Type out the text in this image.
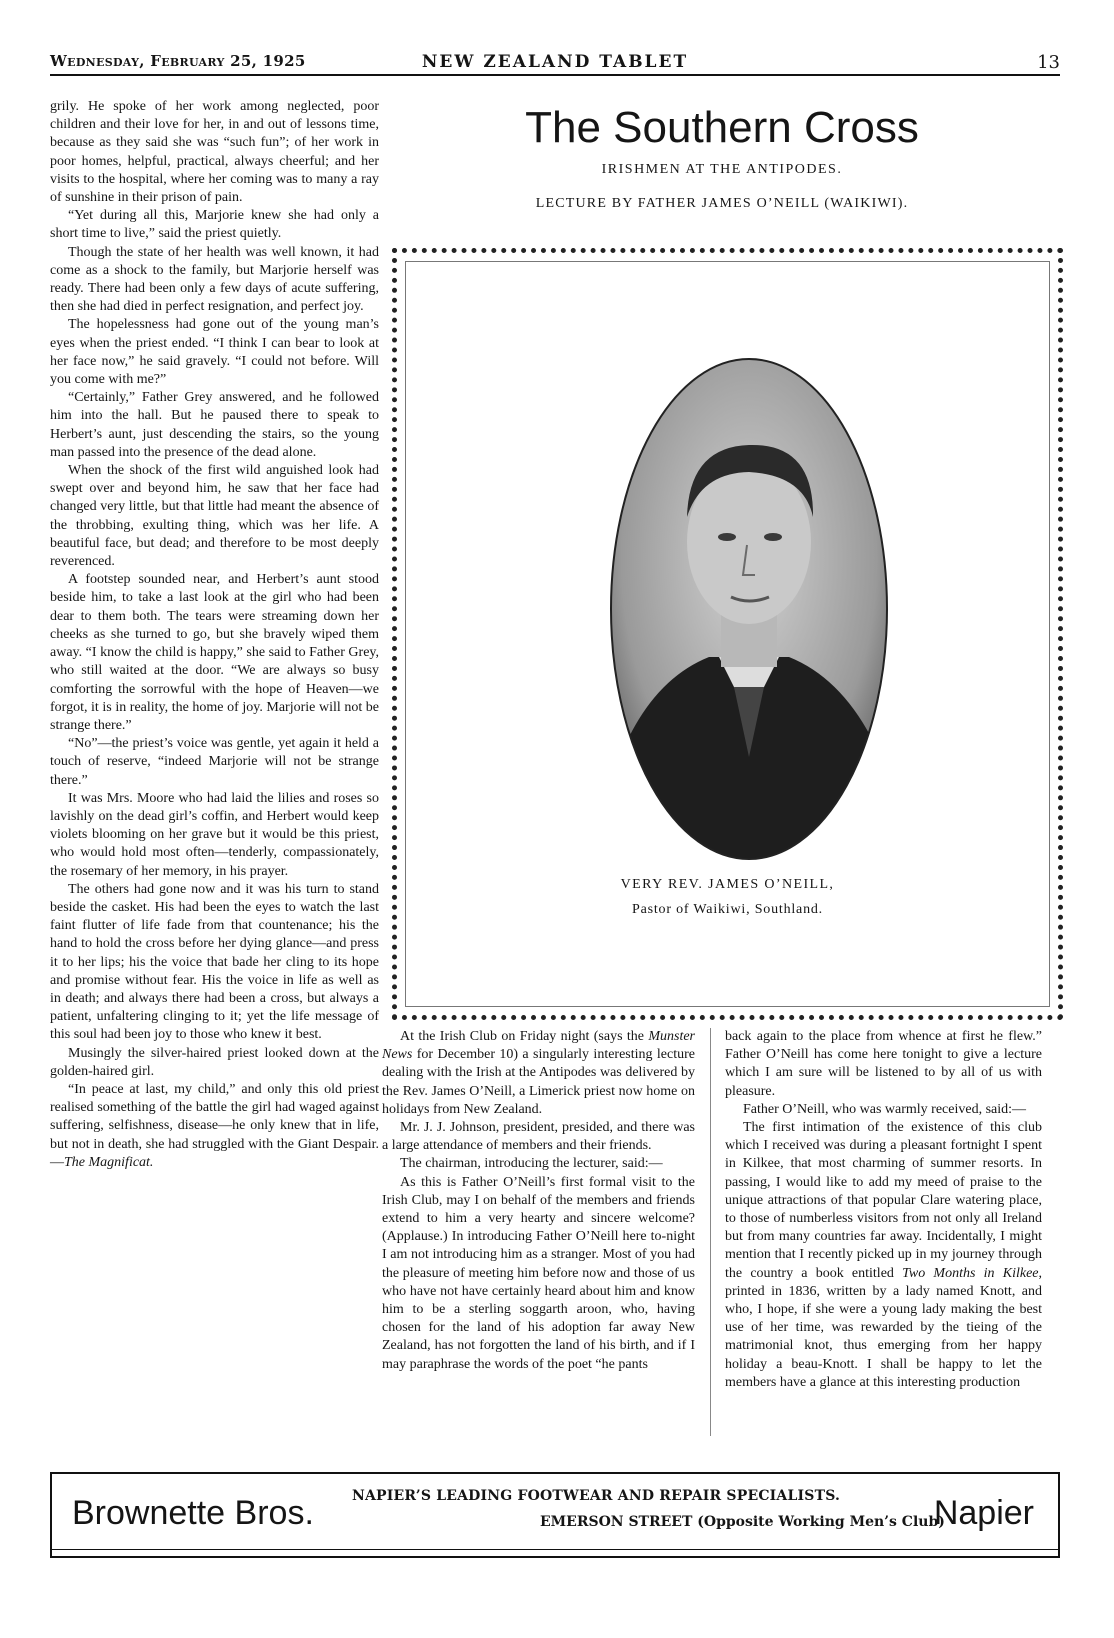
Wednesday, February 25, 1925	NEW ZEALAND TABLET	13

grily. He spoke of her work among neglected, poor children and their love for her, in and out of lessons time, because as they said she was “such fun”; of her work in poor homes, helpful, practical, always cheerful; and her visits to the hospital, where her coming was to many a ray of sunshine in their prison of pain.

“Yet during all this, Marjorie knew she had only a short time to live,” said the priest quietly.

Though the state of her health was well known, it had come as a shock to the family, but Marjorie herself was ready. There had been only a few days of acute suffering, then she had died in perfect resignation, and perfect joy.

The hopelessness had gone out of the young man’s eyes when the priest ended. “I think I can bear to look at her face now,” he said gravely. “I could not before. Will you come with me?”

“Certainly,” Father Grey answered, and he followed him into the hall. But he paused there to speak to Herbert’s aunt, just descending the stairs, so the young man passed into the presence of the dead alone.

When the shock of the first wild anguished look had swept over and beyond him, he saw that her face had changed very little, but that little had meant the absence of the throbbing, exulting thing, which was her life. A beautiful face, but dead; and therefore to be most deeply reverenced.

A footstep sounded near, and Herbert’s aunt stood beside him, to take a last look at the girl who had been dear to them both. The tears were streaming down her cheeks as she turned to go, but she bravely wiped them away. “I know the child is happy,” she said to Father Grey, who still waited at the door. “We are always so busy comforting the sorrowful with the hope of Heaven—we forgot, it is in reality, the home of joy. Marjorie will not be strange there.”

“No”—the priest’s voice was gentle, yet again it held a touch of reserve, “indeed Marjorie will not be strange there.”

It was Mrs. Moore who had laid the lilies and roses so lavishly on the dead girl’s coffin, and Herbert would keep violets blooming on her grave but it would be this priest, who would hold most often—tenderly, compassionately, the rosemary of her memory, in his prayer.

The others had gone now and it was his turn to stand beside the casket. His had been the eyes to watch the last faint flutter of life fade from that countenance; his the hand to hold the cross before her dying glance—and press it to her lips; his the voice that bade her cling to its hope and promise without fear. His the voice in life as well as in death; and always there had been a cross, but always a patient, unfaltering clinging to it; yet the life message of this soul had been joy to those who knew it best.

Musingly the silver-haired priest looked down at the golden-haired girl.

“In peace at last, my child,” and only this old priest realised something of the battle the girl had waged against suffering, selfishness, disease—he only knew that in life, but not in death, she had struggled with the Giant Despair.—The Magnificat.

The Southern Cross
IRISHMEN AT THE ANTIPODES.
LECTURE BY FATHER JAMES O’NEILL (WAIKIWI).
VERY REV. JAMES O’NEILL,
Pastor of Waikiwi, Southland.

At the Irish Club on Friday night (says the Munster News for December 10) a singularly interesting lecture dealing with the Irish at the Antipodes was delivered by the Rev. James O’Neill, a Limerick priest now home on holidays from New Zealand.

Mr. J. J. Johnson, president, presided, and there was a large attendance of members and their friends.

The chairman, introducing the lecturer, said:—

As this is Father O’Neill’s first formal visit to the Irish Club, may I on behalf of the members and friends extend to him a very hearty and sincere welcome? (Applause.) In introducing Father O’Neill here to-night I am not introducing him as a stranger. Most of you had the pleasure of meeting him before now and those of us who have not have certainly heard about him and know him to be a sterling soggarth aroon, who, having chosen for the land of his adoption far away New Zealand, has not forgotten the land of his birth, and if I may paraphrase the words of the poet “he pants

back again to the place from whence at first he flew.” Father O’Neill has come here tonight to give a lecture which I am sure will be listened to by all of us with pleasure.

Father O’Neill, who was warmly received, said:—

The first intimation of the existence of this club which I received was during a pleasant fortnight I spent in Kilkee, that most charming of summer resorts. In passing, I would like to add my meed of praise to the unique attractions of that popular Clare watering place, to those of numberless visitors from not only all Ireland but from many countries far away. Incidentally, I might mention that I recently picked up in my journey through the country a book entitled Two Months in Kilkee, printed in 1836, written by a lady named Knott, and who, I hope, if she were a young lady making the best use of her time, was rewarded by the tieing of the matrimonial knot, thus emerging from her happy holiday a beau-Knott. I shall be happy to let the members have a glance at this interesting production

Brownette Bros.	NAPIER’S LEADING FOOTWEAR AND REPAIR SPECIALISTS.
EMERSON STREET (Opposite Working Men’s Club)
Napier
